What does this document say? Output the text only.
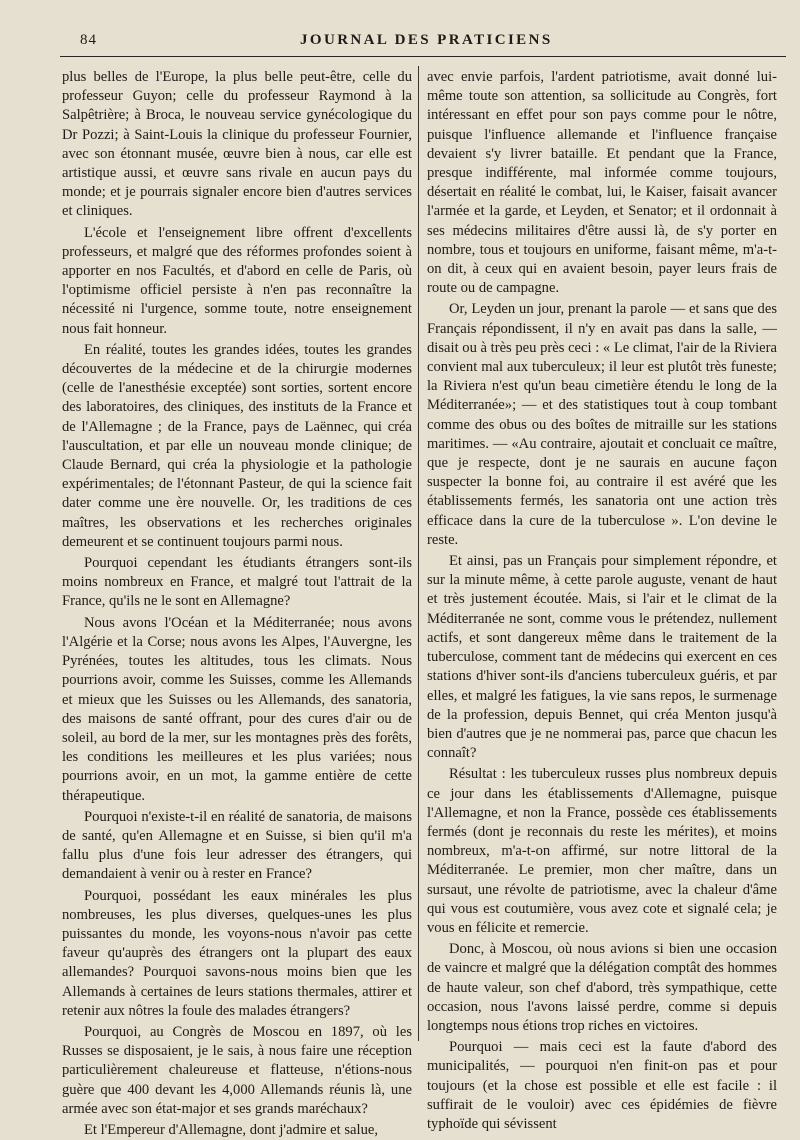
84	JOURNAL DES PRATICIENS

plus belles de l'Europe, la plus belle peut-être, celle du professeur Guyon; celle du professeur Raymond à la Salpêtrière; à Broca, le nouveau service gynécologique du Dr Pozzi; à Saint-Louis la clinique du professeur Fournier, avec son étonnant musée, œuvre bien à nous, car elle est artistique aussi, et œuvre sans rivale en aucun pays du monde; et je pourrais signaler encore bien d'autres services et cliniques.

L'école et l'enseignement libre offrent d'excellents professeurs, et malgré que des réformes profondes soient à apporter en nos Facultés, et d'abord en celle de Paris, où l'optimisme officiel persiste à n'en pas reconnaître la nécessité ni l'urgence, somme toute, notre enseignement nous fait honneur.

En réalité, toutes les grandes idées, toutes les grandes découvertes de la médecine et de la chirurgie modernes (celle de l'anesthésie exceptée) sont sorties, sortent encore des laboratoires, des cliniques, des instituts de la France et de l'Allemagne ; de la France, pays de Laënnec, qui créa l'auscultation, et par elle un nouveau monde clinique; de Claude Bernard, qui créa la physiologie et la pathologie expérimentales; de l'étonnant Pasteur, de qui la science fait dater comme une ère nouvelle. Or, les traditions de ces maîtres, les observations et les recherches originales demeurent et se continuent toujours parmi nous.

Pourquoi cependant les étudiants étrangers sont-ils moins nombreux en France, et malgré tout l'attrait de la France, qu'ils ne le sont en Allemagne?

Nous avons l'Océan et la Méditerranée; nous avons l'Algérie et la Corse; nous avons les Alpes, l'Auvergne, les Pyrénées, toutes les altitudes, tous les climats. Nous pourrions avoir, comme les Suisses, comme les Allemands et mieux que les Suisses ou les Allemands, des sanatoria, des maisons de santé offrant, pour des cures d'air ou de soleil, au bord de la mer, sur les montagnes près des forêts, les conditions les meilleures et les plus variées; nous pourrions avoir, en un mot, la gamme entière de cette thérapeutique.

Pourquoi n'existe-t-il en réalité de sanatoria, de maisons de santé, qu'en Allemagne et en Suisse, si bien qu'il m'a fallu plus d'une fois leur adresser des étrangers, qui demandaient à venir ou à rester en France?

Pourquoi, possédant les eaux minérales les plus nombreuses, les plus diverses, quelques-unes les plus puissantes du monde, les voyons-nous n'avoir pas cette faveur qu'auprès des étrangers ont la plupart des eaux allemandes? Pourquoi savons-nous moins bien que les Allemands à certaines de leurs stations thermales, attirer et retenir aux nôtres la foule des malades étrangers?

Pourquoi, au Congrès de Moscou en 1897, où les Russes se disposaient, je le sais, à nous faire une réception particulièrement chaleureuse et flatteuse, n'étions-nous guère que 400 devant les 4,000 Allemands réunis là, une armée avec son état-major et ses grands maréchaux?

Et l'Empereur d'Allemagne, dont j'admire et salue,

avec envie parfois, l'ardent patriotisme, avait donné lui-même toute son attention, sa sollicitude au Congrès, fort intéressant en effet pour son pays comme pour le nôtre, puisque l'influence allemande et l'influence française devaient s'y livrer bataille. Et pendant que la France, presque indifférente, mal informée comme toujours, désertait en réalité le combat, lui, le Kaiser, faisait avancer l'armée et la garde, et Leyden, et Senator; et il ordonnait à ses médecins militaires d'être aussi là, de s'y porter en nombre, tous et toujours en uniforme, faisant même, m'a-t-on dit, à ceux qui en avaient besoin, payer leurs frais de route ou de campagne.

Or, Leyden un jour, prenant la parole — et sans que des Français répondissent, il n'y en avait pas dans la salle, — disait ou à très peu près ceci : « Le climat, l'air de la Riviera convient mal aux tuberculeux; il leur est plutôt très funeste; la Riviera n'est qu'un beau cimetière étendu le long de la Méditerranée»; — et des statistiques tout à coup tombant comme des obus ou des boîtes de mitraille sur les stations maritimes. — «Au contraire, ajoutait et concluait ce maître, que je respecte, dont je ne saurais en aucune façon suspecter la bonne foi, au contraire il est avéré que les établissements fermés, les sanatoria ont une action très efficace dans la cure de la tuberculose ». L'on devine le reste.

Et ainsi, pas un Français pour simplement répondre, et sur la minute même, à cette parole auguste, venant de haut et très justement écoutée. Mais, si l'air et le climat de la Méditerranée ne sont, comme vous le prétendez, nullement actifs, et sont dangereux même dans le traitement de la tuberculose, comment tant de médecins qui exercent en ces stations d'hiver sont-ils d'anciens tuberculeux guéris, et par elles, et malgré les fatigues, la vie sans repos, le surmenage de la profession, depuis Bennet, qui créa Menton jusqu'à bien d'autres que je ne nommerai pas, parce que chacun les connaît?

Résultat : les tuberculeux russes plus nombreux depuis ce jour dans les établissements d'Allemagne, puisque l'Allemagne, et non la France, possède ces établissements fermés (dont je reconnais du reste les mérites), et moins nombreux, m'a-t-on affirmé, sur notre littoral de la Méditerranée. Le premier, mon cher maître, dans un sursaut, une révolte de patriotisme, avec la chaleur d'âme qui vous est coutumière, vous avez cote et signalé cela; je vous en félicite et remercie.

Donc, à Moscou, où nous avions si bien une occasion de vaincre et malgré que la délégation comptât des hommes de haute valeur, son chef d'abord, très sympathique, cette occasion, nous l'avons laissé perdre, comme si depuis longtemps nous étions trop riches en victoires.

Pourquoi — mais ceci est la faute d'abord des municipalités, — pourquoi n'en finit-on pas et pour toujours (et la chose est possible et elle est facile : il suffirait de le vouloir) avec ces épidémies de fièvre typhoïde qui sévissent
